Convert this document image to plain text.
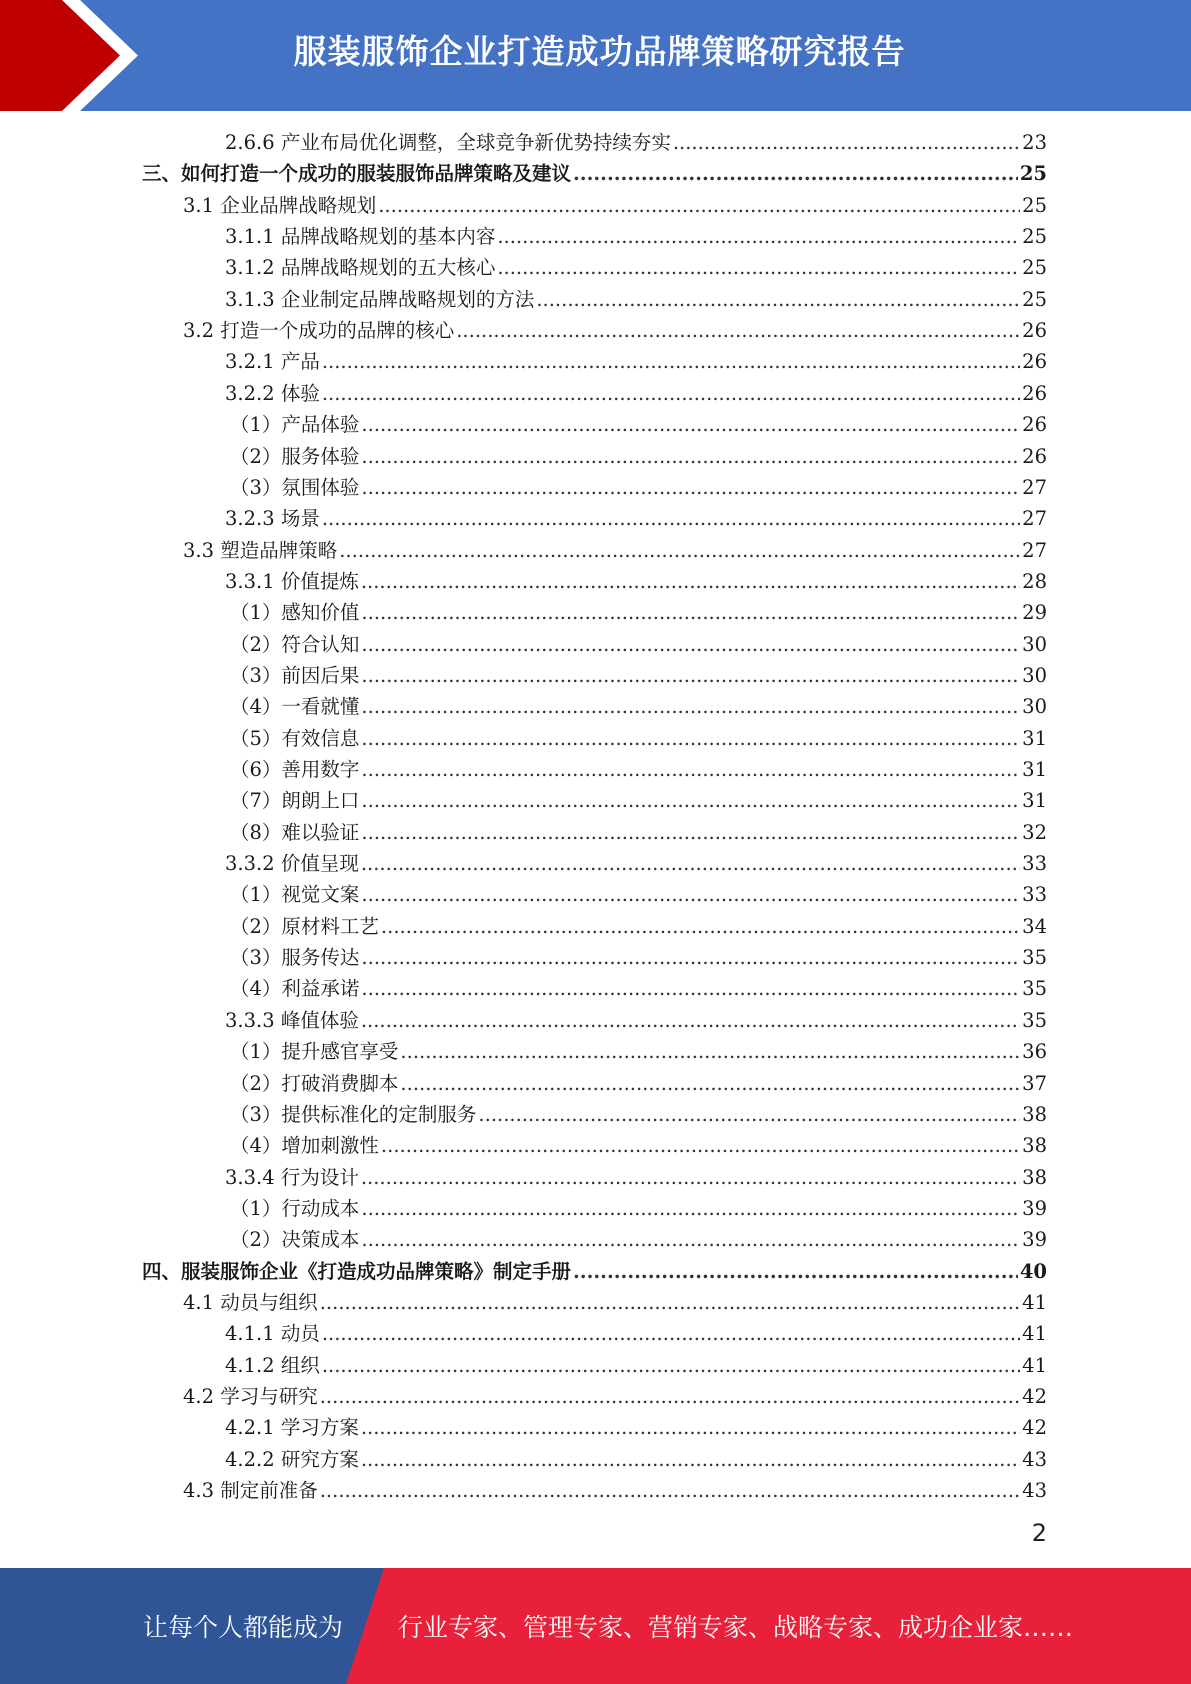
服装服饰企业打造成功品牌策略研究报告
2.6.6 产业布局优化调整，全球竞争新优势持续夯实 .....	23
三、如何打造一个成功的服装服饰品牌策略及建议 .....	25
3.1 企业品牌战略规划 .....	25
3.1.1 品牌战略规划的基本内容 .....	25
3.1.2 品牌战略规划的五大核心 .....	25
3.1.3 企业制定品牌战略规划的方法 .....	25
3.2 打造一个成功的品牌的核心 .....	26
3.2.1 产品 .....	26
3.2.2 体验 .....	26
（1）产品体验 .....	26
（2）服务体验 .....	26
（3）氛围体验 .....	27
3.2.3 场景 .....	27
3.3 塑造品牌策略 .....	27
3.3.1 价值提炼 .....	28
（1）感知价值 .....	29
（2）符合认知 .....	30
（3）前因后果 .....	30
（4）一看就懂 .....	30
（5）有效信息 .....	31
（6）善用数字 .....	31
（7）朗朗上口 .....	31
（8）难以验证 .....	32
3.3.2 价值呈现 .....	33
（1）视觉文案 .....	33
（2）原材料工艺 .....	34
（3）服务传达 .....	35
（4）利益承诺 .....	35
3.3.3 峰值体验 .....	35
（1）提升感官享受 .....	36
（2）打破消费脚本 .....	37
（3）提供标准化的定制服务 .....	38
（4）增加刺激性 .....	38
3.3.4 行为设计 .....	38
（1）行动成本 .....	39
（2）决策成本 .....	39
四、服装服饰企业《打造成功品牌策略》制定手册 .....	40
4.1 动员与组织 .....	41
4.1.1 动员 .....	41
4.1.2 组织 .....	41
4.2 学习与研究 .....	42
4.2.1 学习方案 .....	42
4.2.2 研究方案 .....	43
4.3 制定前准备 .....	43
2
让每个人都能成为 行业专家、管理专家、营销专家、战略专家、成功企业家……
